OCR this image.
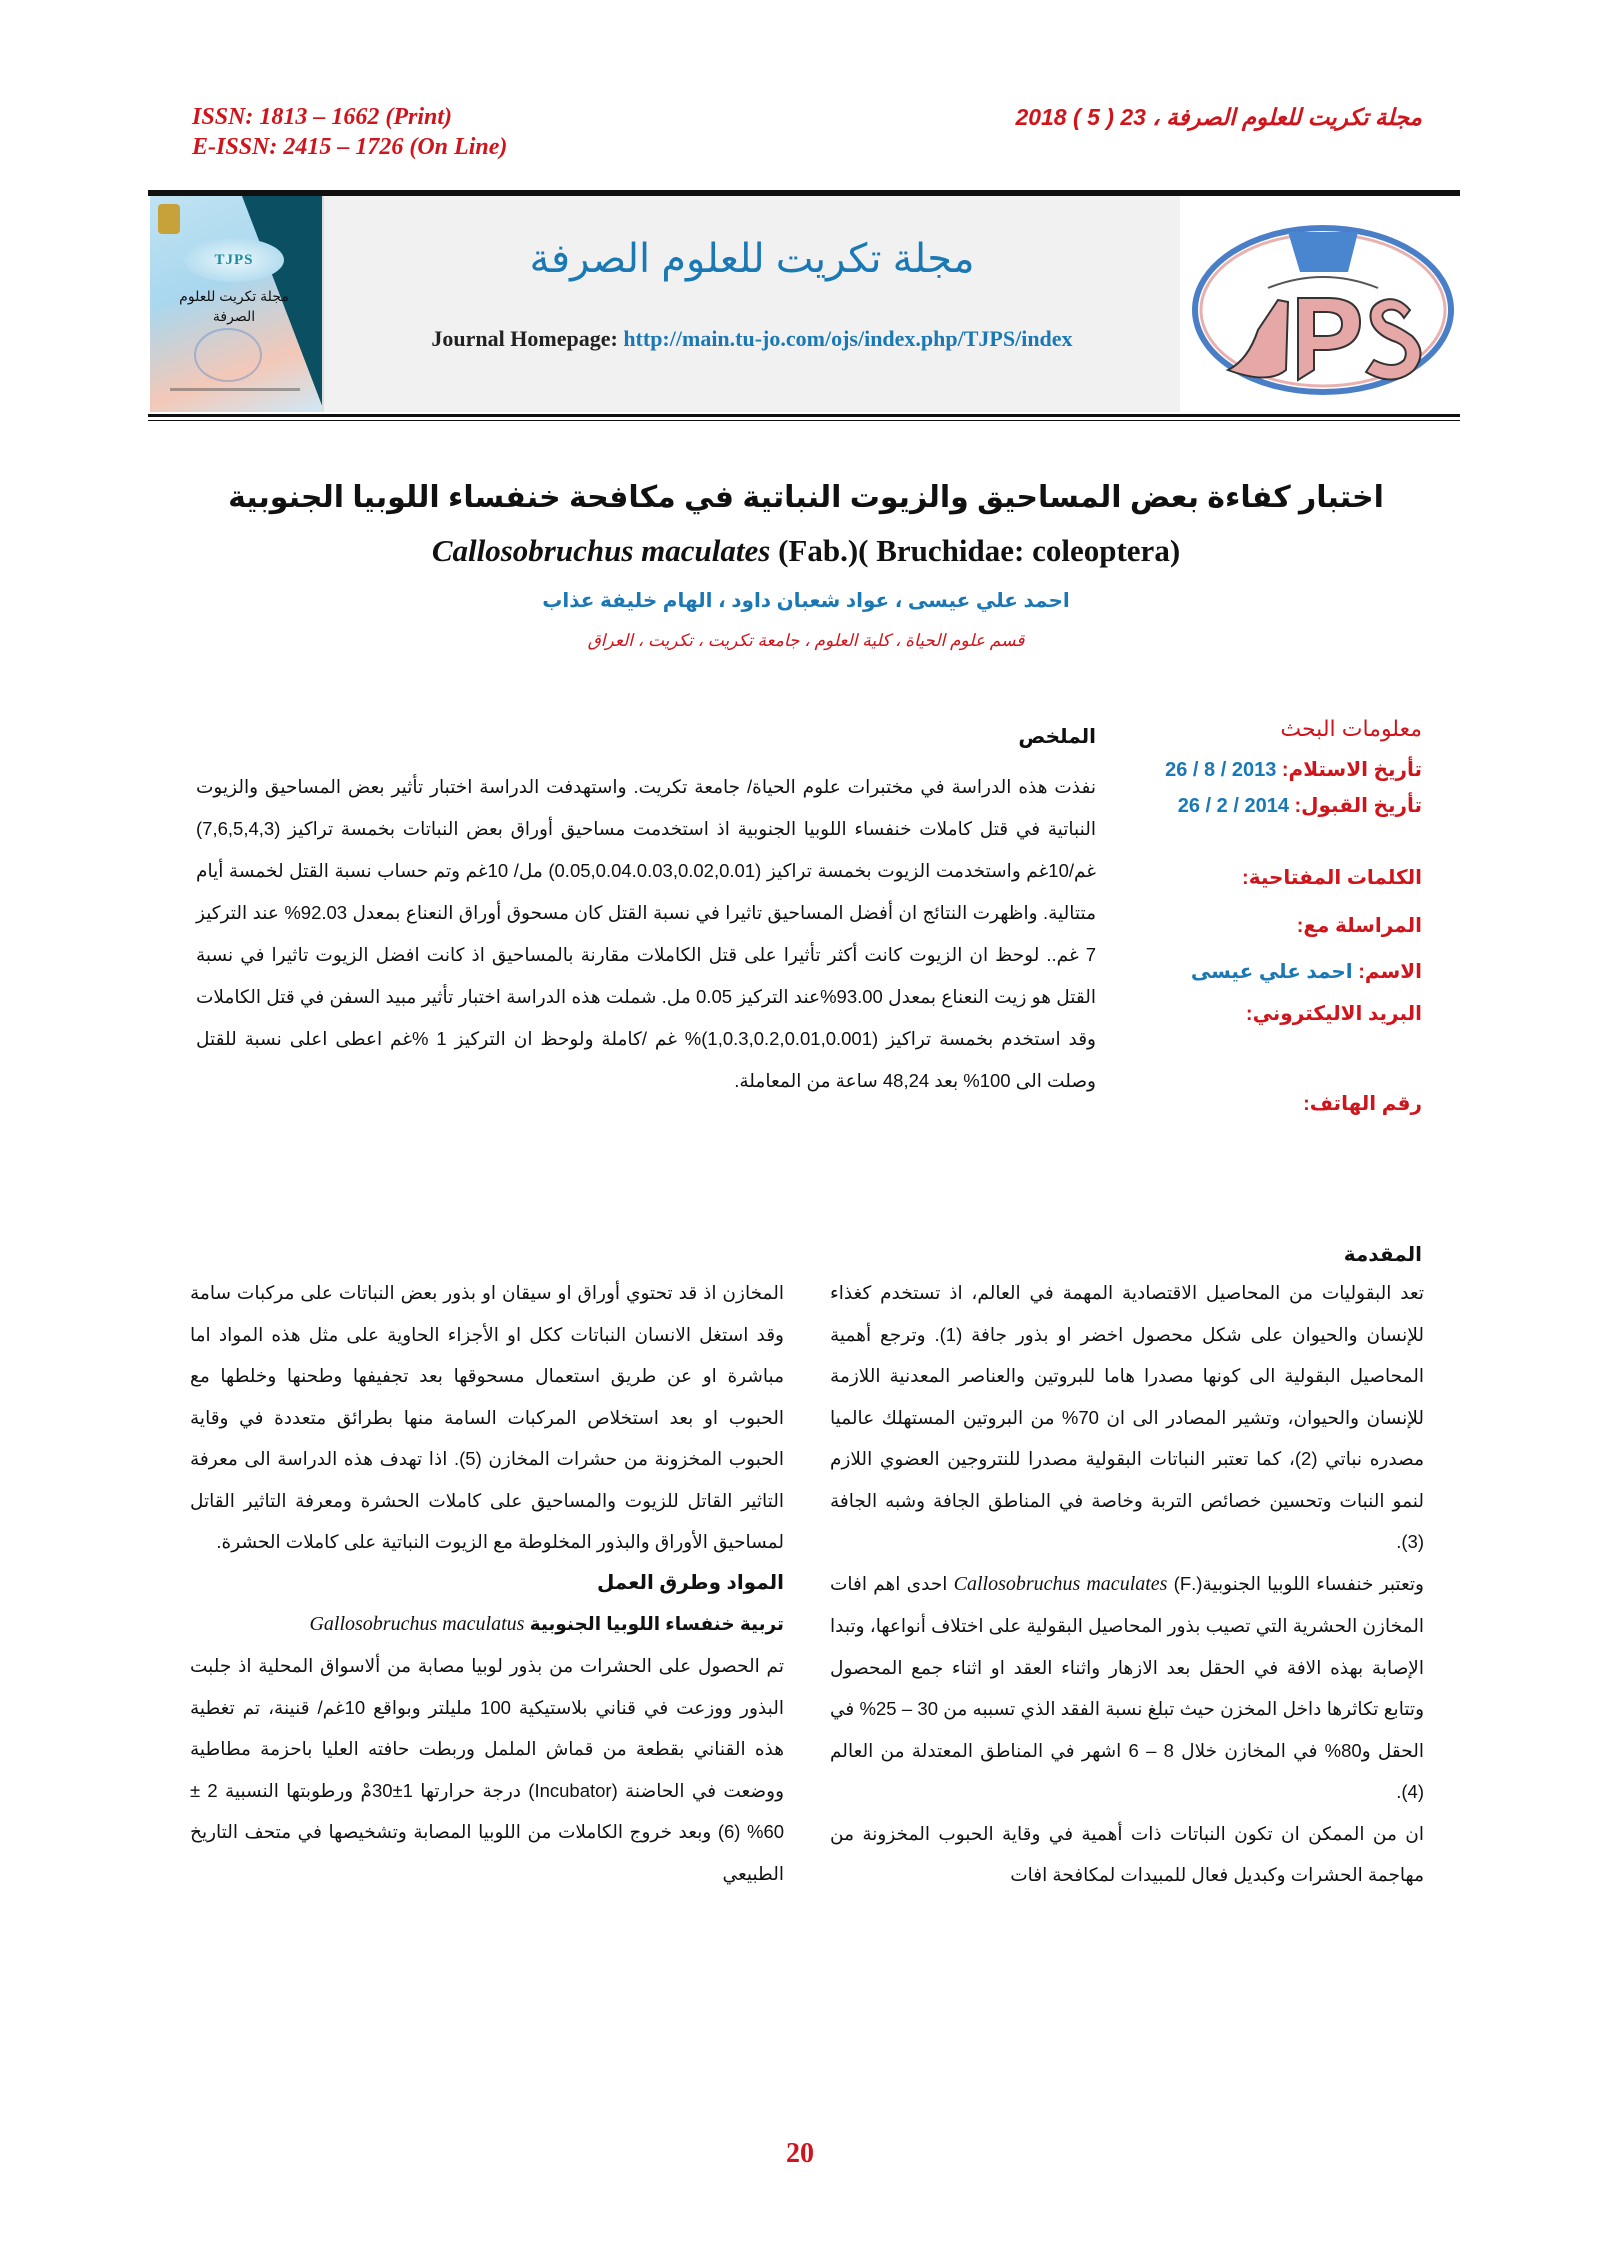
ISSN: 1813 – 1662 (Print)
E-ISSN: 2415 – 1726 (On Line)
مجلة تكريت للعلوم الصرفة ، 23 ( 5 ) 2018
TJPS
مجلة تكريت للعلوم الصرفة
مجلة تكريت للعلوم الصرفة
Journal Homepage: http://main.tu-jo.com/ojs/index.php/TJPS/index
اختبار كفاءة بعض المساحيق والزيوت النباتية في مكافحة خنفساء اللوبيا الجنوبية
Callosobruchus maculates (Fab.)( Bruchidae: coleoptera)
احمد علي عيسى ، عواد شعبان داود ، الهام خليفة عذاب
قسم علوم الحياة ، كلية العلوم ، جامعة تكريت ، تكريت ، العراق
معلومات البحث
تأريخ الاستلام: 26 / 8 / 2013
تأريخ القبول: 26 / 2 / 2014
الكلمات المفتاحية:
المراسلة مع:
الاسم: احمد علي عيسى
البريد الاليكتروني:
رقم الهاتف:
الملخص

نفذت هذه الدراسة في مختبرات علوم الحياة/ جامعة تكريت. واستهدفت الدراسة اختبار تأثير بعض المساحيق والزيوت النباتية في قتل كاملات خنفساء اللوبيا الجنوبية اذ استخدمت مساحيق أوراق بعض النباتات بخمسة تراكيز (7,6,5,4,3) غم/10غم واستخدمت الزيوت بخمسة تراكيز (0.05,0.04.0.03,0.02,0.01) مل/ 10غم وتم حساب نسبة القتل لخمسة أيام متتالية. واظهرت النتائج ان أفضل المساحيق تاثيرا في نسبة القتل كان مسحوق أوراق النعناع بمعدل 92.03% عند التركيز 7 غم.. لوحظ ان الزيوت كانت أكثر تأثيرا على قتل الكاملات مقارنة بالمساحيق اذ كانت افضل الزيوت تاثيرا في نسبة القتل هو زيت النعناع بمعدل 93.00%عند التركيز 0.05 مل. شملت هذه الدراسة اختبار تأثير مبيد السفن في قتل الكاملات وقد استخدم بخمسة تراكيز (1,0.3,0.2,0.01,0.001)% غم /كاملة ولوحظ ان التركيز 1 %غم اعطى اعلى نسبة للقتل وصلت الى 100% بعد 48,24 ساعة من المعاملة.

المقدمة

تعد البقوليات من المحاصيل الاقتصادية المهمة في العالم، اذ تستخدم كغذاء للإنسان والحيوان على شكل محصول اخضر او بذور جافة (1). وترجع أهمية المحاصيل البقولية الى كونها مصدرا هاما للبروتين والعناصر المعدنية اللازمة للإنسان والحيوان، وتشير المصادر الى ان 70% من البروتين المستهلك عالميا مصدره نباتي (2)، كما تعتبر النباتات البقولية مصدرا للنتروجين العضوي اللازم لنمو النبات وتحسين خصائص التربة وخاصة في المناطق الجافة وشبه الجافة (3).

وتعتبر خنفساء اللوبيا الجنوبية(.F) Callosobruchus maculates احدى اهم افات المخازن الحشرية التي تصيب بذور المحاصيل البقولية على اختلاف أنواعها، وتبدا الإصابة بهذه الافة في الحقل بعد الازهار واثناء العقد او اثناء جمع المحصول وتتابع تكاثرها داخل المخزن حيث تبلغ نسبة الفقد الذي تسببه من 30 – 25% في الحقل و80% في المخازن خلال 8 – 6 اشهر في المناطق المعتدلة من العالم (4).

ان من الممكن ان تكون النباتات ذات أهمية في وقاية الحبوب المخزونة من مهاجمة الحشرات وكبديل فعال للمبيدات لمكافحة افات

المخازن اذ قد تحتوي أوراق او سيقان او بذور بعض النباتات على مركبات سامة وقد استغل الانسان النباتات ككل او الأجزاء الحاوية على مثل هذه المواد اما مباشرة او عن طريق استعمال مسحوقها بعد تجفيفها وطحنها وخلطها مع الحبوب او بعد استخلاص المركبات السامة منها بطرائق متعددة في وقاية الحبوب المخزونة من حشرات المخازن (5). اذا تهدف هذه الدراسة الى معرفة التاثير القاتل للزيوت والمساحيق على كاملات الحشرة ومعرفة التاثير القاتل لمساحيق الأوراق والبذور المخلوطة مع الزيوت النباتية على كاملات الحشرة.

المواد وطرق العمل

تربية خنفساء اللوبيا الجنوبية Gallosobruchus maculatus

تم الحصول على الحشرات من بذور لوبيا مصابة من ألاسواق المحلية اذ جلبت البذور ووزعت في قناني بلاستيكية 100 مليلتر وبواقع 10غم/ قنينة، تم تغطية هذه القناني بقطعة من قماش الململ وربطت حافته العليا باحزمة مطاطية ووضعت في الحاضنة (Incubator) درجة حرارتها 1±30مْ ورطوبتها النسبية 2 ± 60% (6) وبعد خروج الكاملات من اللوبيا المصابة وتشخيصها في متحف التاريخ الطبيعي

20
